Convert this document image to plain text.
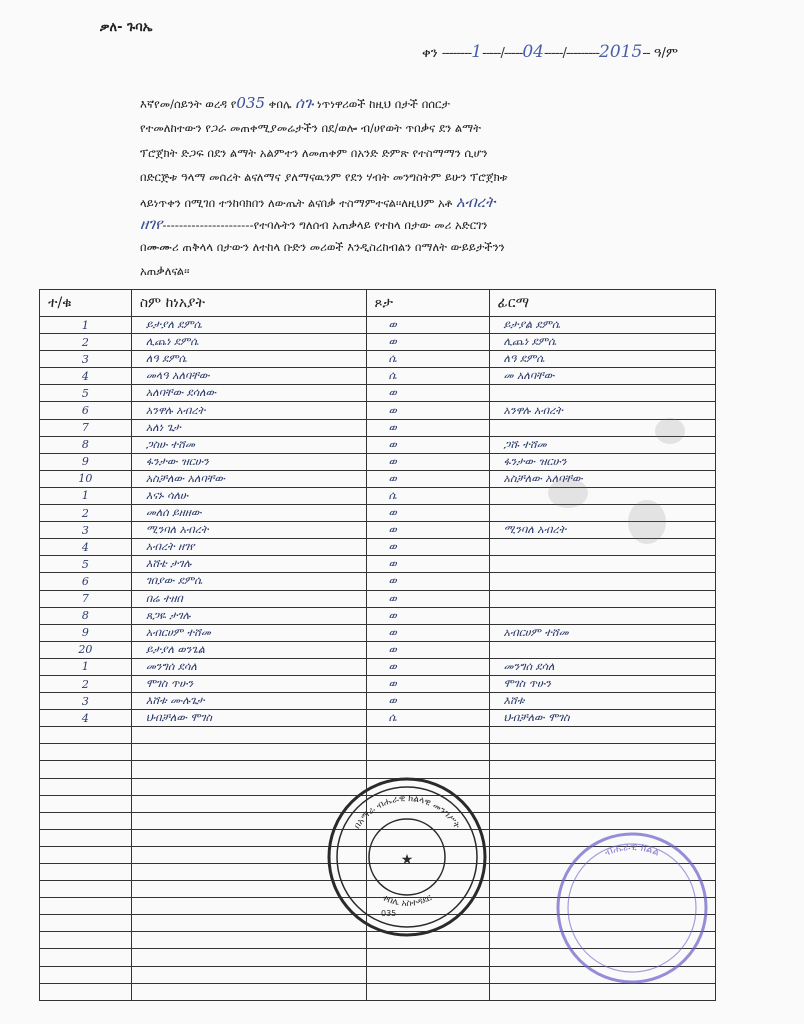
ቃለ- ጉባኤ
ቀን --------1-----/-----04-----/---------2015-- ዓ/ም
እኛየመ/ሰይንት ወረዳ የ035 ቀበሌ ሰጉ ነጥነዋሪወች ከዚህ በታች በሰርታ
የተመለከተውን የጋራ መጠቀሚያመሬታችን በደ/ወሎ ብ/ሀየወት ጥበቃና ደን ልማት
ፕሮጀክት ድጋፍ በደን ልማት አልምተን ለመጠቀም በአንድ ድምጽ የተስማማን ሲሆን
በድርጅቱ ዓላማ መሰረት ልናለማና ያለማናዉንም የደን ሃብት መንግስትም ይሁን ፕሮጀክቱ
ላይነጥቀን በሚገበ ተንከባክበን ለውጤት ልናበቃ ተስማምተናል፡፡ለዚህም አቶ አብረት
ዘገየ----------------------የተባሉትን ግለሰብ አጠቃላይ የተከላ በታው መሪ አድርገን
በሙሙሪ ጠቅላላ በታውን ለተከላ ቡድን መሪወች እንዲስረከብልን በማለት ውይይታችንን
አጠቃለናል፡፡
ተ/ቁ	ስም ከነአያት	ጾታ	ፊርማ
1	ይታያለ ደምሴ	ወ	ይታያል ደምሴ
2	ሊጨነ ደምሴ	ወ	ሊጨነ ደምሴ
3	ለዓ ደምሴ	ሴ	ለዓ ደምሴ
4	መላዓ አለባቸው	ሴ	መ አለባቸው
5	አለባቸው ደሳለው	ወ	
6	አንዋሉ አብረት	ወ	አንዋሉ አብረት
7	አለነ ጌታ	ወ	
8	ጋስሁ ተሸመ	ወ	ጋሹ ተሸመ
9	ፋንታው ዝርሁን	ወ	ፋንታው ዝርሁን
10	አስቻለው አለባቸው	ወ	አስቻለው አለባቸው
1	እናኑ ሳለሁ	ሴ	
2	መለሰ ይዘዘው	ወ	
3	ሚንባለ አብረት	ወ	ሚንባለ አብረት
4	አብረት ዘገየ	ወ	
5	እሸቴ ታገሉ	ወ	
6	ገበያው ደምሴ	ወ	
7	በሬ ተዘበ	ወ	
8	ጸጋዬ ታገሉ	ወ	
9	አብርሀም ተሸመ	ወ	አብርሀም ተሸመ
20	ይታያለ ወንጌል	ወ	
1	መንግሰ ደሳለ	ወ	መንግሰ ደሳለ
2	ሞገስ ጥሁን	ወ	ሞገስ ጥሁን
3	እሸቱ ሙሉጌታ	ወ	እሸቱ
4	ህብቻለው ሞገስ	ሴ	ህብቻለው ሞገስ

በአማራ ብሔራዊ ክልላዊ መንግሥት
ቀበሌ አስተዳደር
035
★	ብሔራዊ ክልል
